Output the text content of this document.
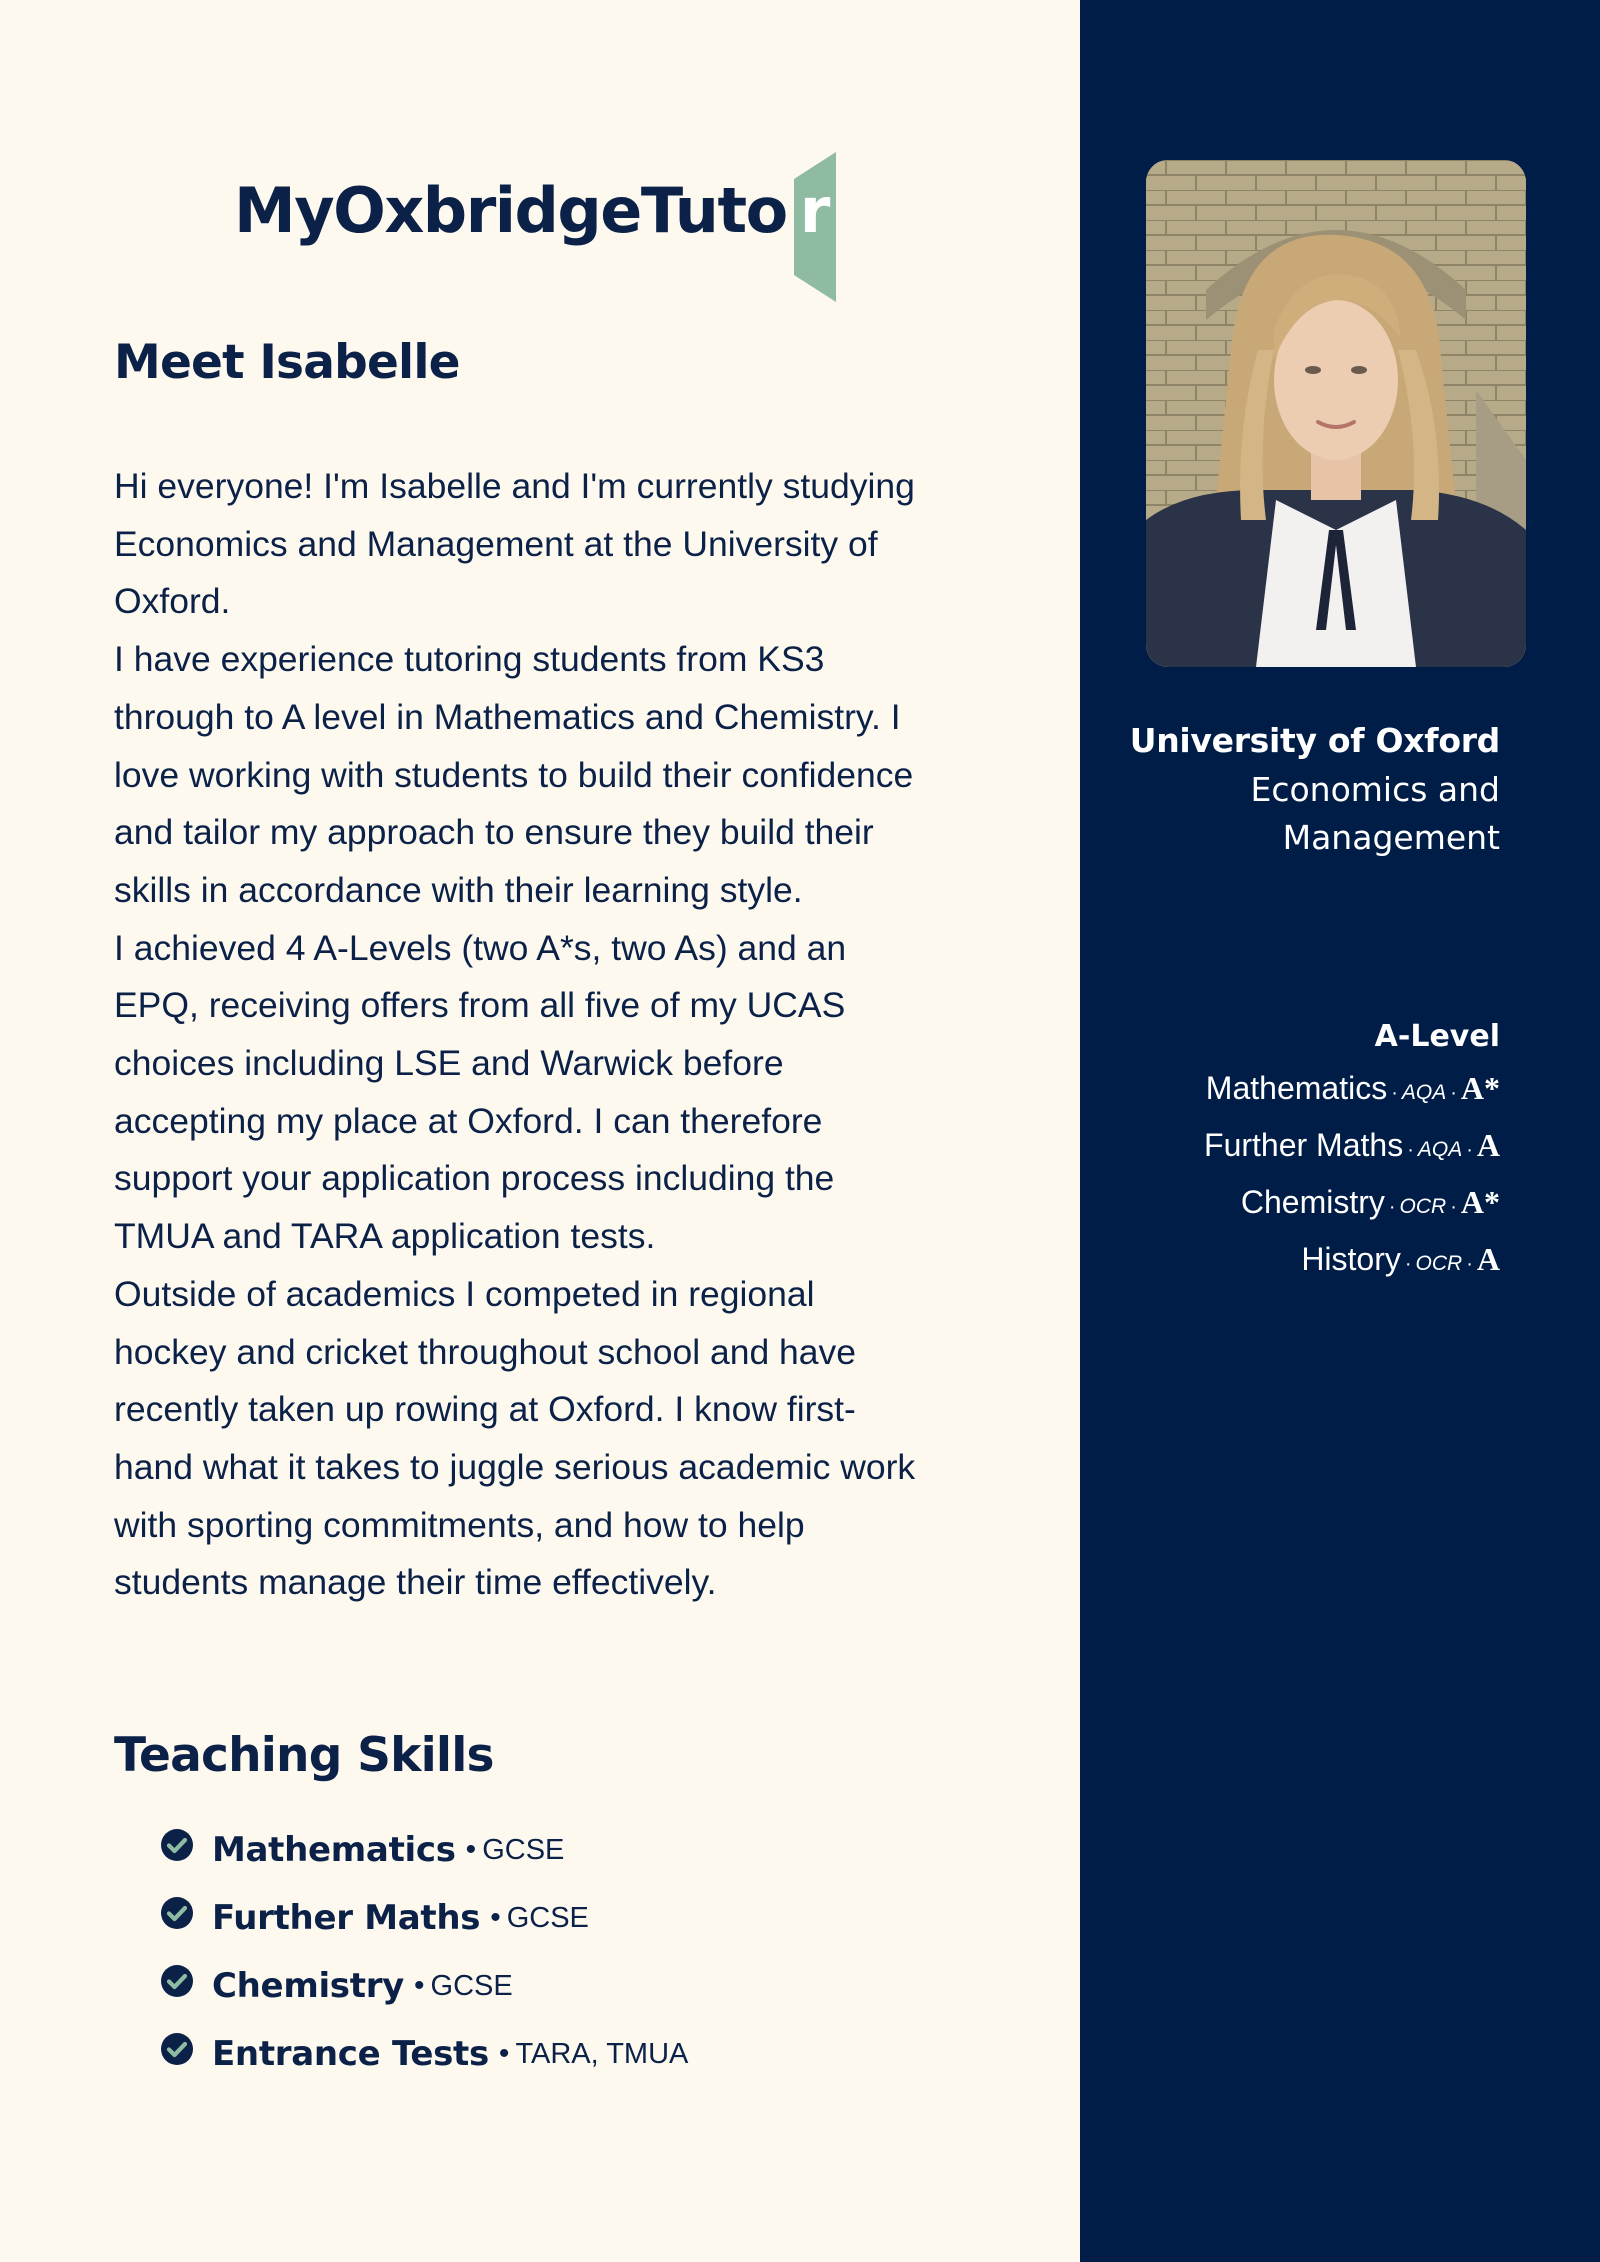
MyOxbridgeTuto r
Meet Isabelle

Hi everyone! I'm Isabelle and I'm currently studying Economics and Management at the University of Oxford.

I have experience tutoring students from KS3 through to A level in Mathematics and Chemistry. I love working with students to build their confidence and tailor my approach to ensure they build their skills in accordance with their learning style.

I achieved 4 A-Levels (two A*s, two As) and an EPQ, receiving offers from all five of my UCAS choices including LSE and Warwick before accepting my place at Oxford. I can therefore support your application process including the TMUA and TARA application tests.

Outside of academics I competed in regional hockey and cricket throughout school and have recently taken up rowing at Oxford. I know first-hand what it takes to juggle serious academic work with sporting commitments, and how to help students manage their time effectively.

Teaching Skills
Mathematics • GCSE
Further Maths • GCSE
Chemistry • GCSE
Entrance Tests • TARA, TMUA
University of Oxford
Economics and Management
A-Level
Mathematics · AQA · A*
Further Maths · AQA · A
Chemistry · OCR · A*
History · OCR · A
